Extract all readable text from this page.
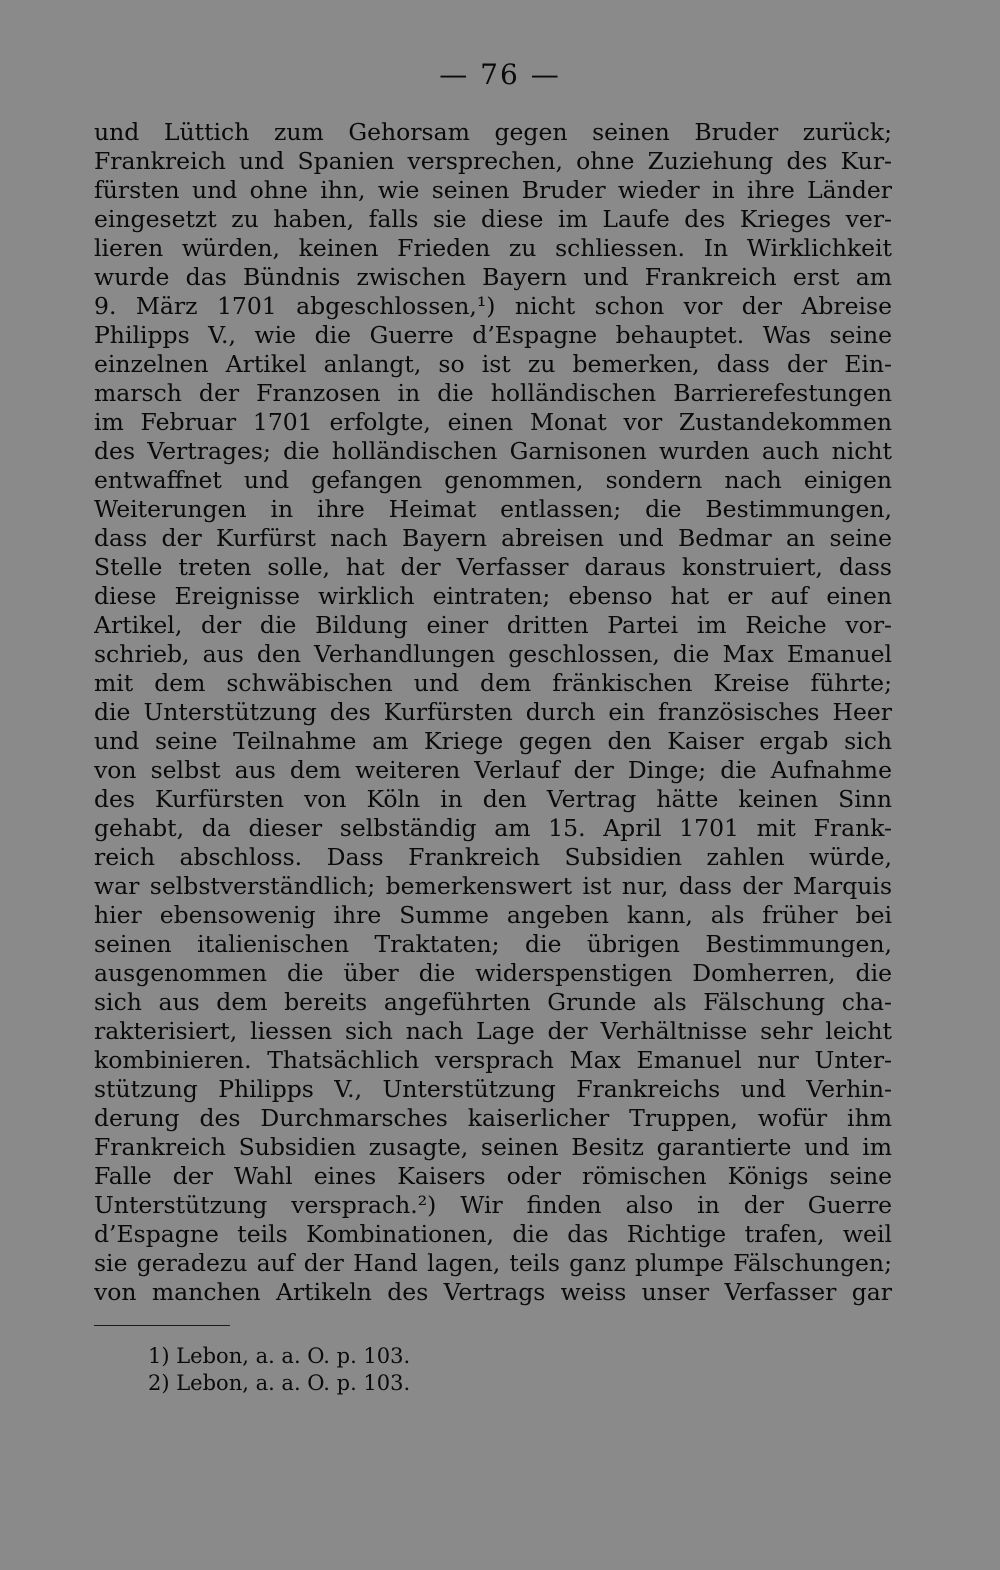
— 76 —
und Lüttich zum Gehorsam gegen seinen Bruder zurück;
Frankreich und Spanien versprechen, ohne Zuziehung des Kur-
fürsten und ohne ihn, wie seinen Bruder wieder in ihre Länder
eingesetzt zu haben, falls sie diese im Laufe des Krieges ver-
lieren würden, keinen Frieden zu schliessen. In Wirklichkeit
wurde das Bündnis zwischen Bayern und Frankreich erst am
9. März 1701 abgeschlossen,¹) nicht schon vor der Abreise
Philipps V., wie die Guerre d’Espagne behauptet. Was seine
einzelnen Artikel anlangt, so ist zu bemerken, dass der Ein-
marsch der Franzosen in die holländischen Barrierefestungen
im Februar 1701 erfolgte, einen Monat vor Zustandekommen
des Vertrages; die holländischen Garnisonen wurden auch nicht
entwaffnet und gefangen genommen, sondern nach einigen
Weiterungen in ihre Heimat entlassen; die Bestimmungen,
dass der Kurfürst nach Bayern abreisen und Bedmar an seine
Stelle treten solle, hat der Verfasser daraus konstruiert, dass
diese Ereignisse wirklich eintraten; ebenso hat er auf einen
Artikel, der die Bildung einer dritten Partei im Reiche vor-
schrieb, aus den Verhandlungen geschlossen, die Max Emanuel
mit dem schwäbischen und dem fränkischen Kreise führte;
die Unterstützung des Kurfürsten durch ein französisches Heer
und seine Teilnahme am Kriege gegen den Kaiser ergab sich
von selbst aus dem weiteren Verlauf der Dinge; die Aufnahme
des Kurfürsten von Köln in den Vertrag hätte keinen Sinn
gehabt, da dieser selbständig am 15. April 1701 mit Frank-
reich abschloss. Dass Frankreich Subsidien zahlen würde,
war selbstverständlich; bemerkenswert ist nur, dass der Marquis
hier ebensowenig ihre Summe angeben kann, als früher bei
seinen italienischen Traktaten; die übrigen Bestimmungen,
ausgenommen die über die widerspenstigen Domherren, die
sich aus dem bereits angeführten Grunde als Fälschung cha-
rakterisiert, liessen sich nach Lage der Verhältnisse sehr leicht
kombinieren. Thatsächlich versprach Max Emanuel nur Unter-
stützung Philipps V., Unterstützung Frankreichs und Verhin-
derung des Durchmarsches kaiserlicher Truppen, wofür ihm
Frankreich Subsidien zusagte, seinen Besitz garantierte und im
Falle der Wahl eines Kaisers oder römischen Königs seine
Unterstützung versprach.²) Wir finden also in der Guerre
d’Espagne teils Kombinationen, die das Richtige trafen, weil
sie geradezu auf der Hand lagen, teils ganz plumpe Fälschungen;
von manchen Artikeln des Vertrags weiss unser Verfasser gar
1) Lebon, a. a. O. p. 103.
2) Lebon, a. a. O. p. 103.
